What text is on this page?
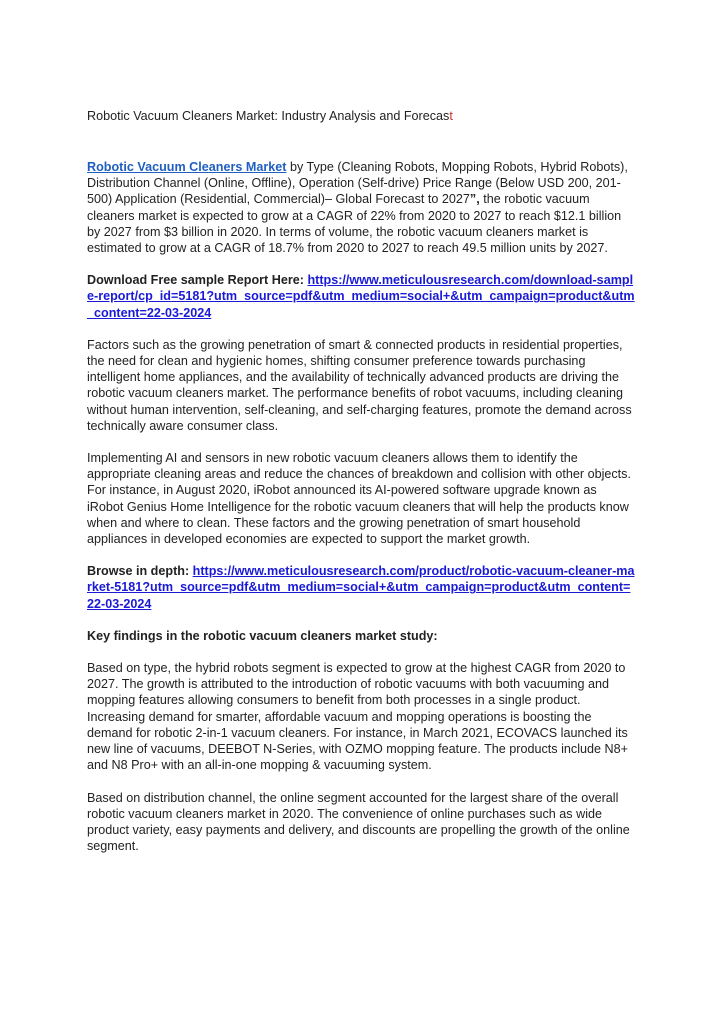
Robotic Vacuum Cleaners Market: Industry Analysis and Forecast

Robotic Vacuum Cleaners Market by Type (Cleaning Robots, Mopping Robots, Hybrid Robots), Distribution Channel (Online, Offline), Operation (Self-drive) Price Range (Below USD 200, 201- 500) Application (Residential, Commercial)– Global Forecast to 2027”, the robotic vacuum cleaners market is expected to grow at a CAGR of 22% from 2020 to 2027 to reach $12.1 billion by 2027 from $3 billion in 2020. In terms of volume, the robotic vacuum cleaners market is estimated to grow at a CAGR of 18.7% from 2020 to 2027 to reach 49.5 million units by 2027.

Download Free sample Report Here: https://www.meticulousresearch.com/download-sample-report/cp_id=5181?utm_source=pdf&utm_medium=social+&utm_campaign=product&utm_content=22-03-2024

Factors such as the growing penetration of smart & connected products in residential properties, the need for clean and hygienic homes, shifting consumer preference towards purchasing intelligent home appliances, and the availability of technically advanced products are driving the robotic vacuum cleaners market. The performance benefits of robot vacuums, including cleaning without human intervention, self-cleaning, and self-charging features, promote the demand across technically aware consumer class.

Implementing AI and sensors in new robotic vacuum cleaners allows them to identify the appropriate cleaning areas and reduce the chances of breakdown and collision with other objects. For instance, in August 2020, iRobot announced its AI-powered software upgrade known as iRobot Genius Home Intelligence for the robotic vacuum cleaners that will help the products know when and where to clean. These factors and the growing penetration of smart household appliances in developed economies are expected to support the market growth.

Browse in depth: https://www.meticulousresearch.com/product/robotic-vacuum-cleaner-market-5181?utm_source=pdf&utm_medium=social+&utm_campaign=product&utm_content=22-03-2024

Key findings in the robotic vacuum cleaners market study:

Based on type, the hybrid robots segment is expected to grow at the highest CAGR from 2020 to 2027. The growth is attributed to the introduction of robotic vacuums with both vacuuming and mopping features allowing consumers to benefit from both processes in a single product. Increasing demand for smarter, affordable vacuum and mopping operations is boosting the demand for robotic 2-in-1 vacuum cleaners. For instance, in March 2021, ECOVACS launched its new line of vacuums, DEEBOT N-Series, with OZMO mopping feature. The products include N8+ and N8 Pro+ with an all-in-one mopping & vacuuming system.

Based on distribution channel, the online segment accounted for the largest share of the overall robotic vacuum cleaners market in 2020. The convenience of online purchases such as wide product variety, easy payments and delivery, and discounts are propelling the growth of the online segment.
